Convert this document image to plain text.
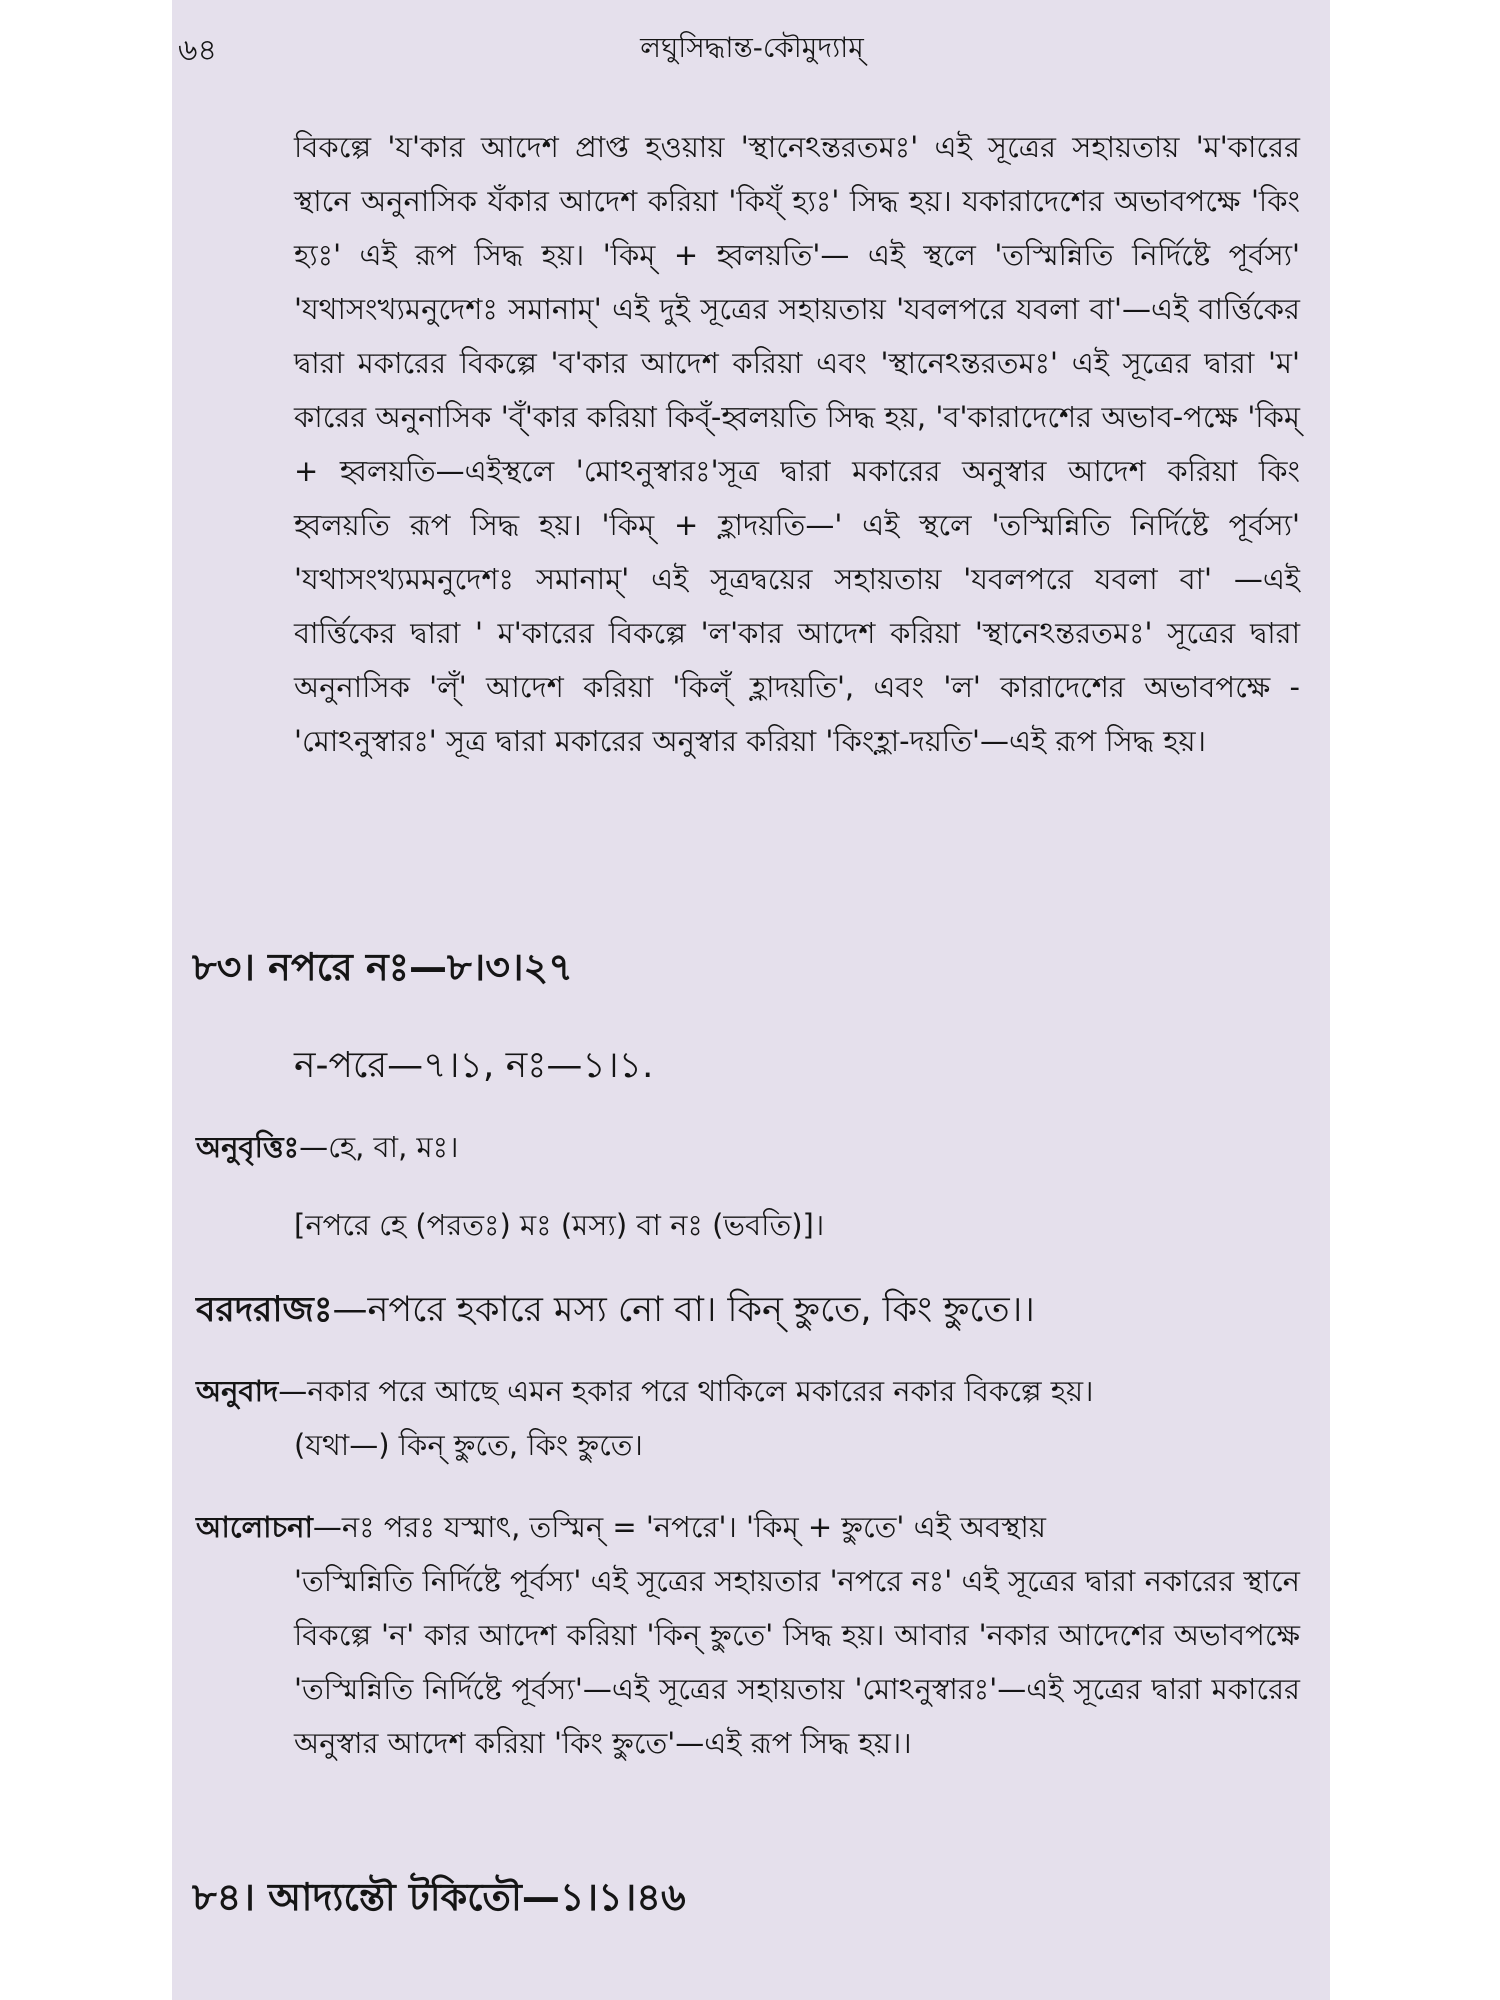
৬৪	লঘুসিদ্ধান্ত-কৌমুদ্যাম্

বিকল্পে 'য'কার আদেশ প্রাপ্ত হওয়ায় 'স্থানেঽন্তরতমঃ' এই সূত্রের সহায়তায় 'ম'কারের স্থানে অনুনাসিক যঁকার আদেশ করিয়া 'কিয্ঁ হ্যঃ' সিদ্ধ হয়। যকারাদেশের অভাবপক্ষে 'কিং হ্যঃ' এই রূপ সিদ্ধ হয়। 'কিম্ + হ্বলয়তি'— এই স্থলে 'তস্মিন্নিতি নির্দিষ্টে পূর্বস্য' 'যথাসংখ্যমনুদেশঃ সমানাম্' এই দুই সূত্রের সহায়তায় 'যবলপরে যবলা বা'—এই বার্ত্তিকের দ্বারা মকারের বিকল্পে 'ব'কার আদেশ করিয়া এবং 'স্থানেঽন্তরতমঃ' এই সূত্রের দ্বারা 'ম' কারের অনুনাসিক 'ব্ঁ'কার করিয়া কিব্ঁ-হ্বলয়তি সিদ্ধ হয়, 'ব'কারাদেশের অভাব-পক্ষে 'কিম্ + হ্বলয়তি—এইস্থলে 'মোঽনুস্বারঃ'সূত্র দ্বারা মকারের অনুস্বার আদেশ করিয়া কিং হ্বলয়তি রূপ সিদ্ধ হয়। 'কিম্ + হ্লাদয়তি—' এই স্থলে 'তস্মিন্নিতি নির্দিষ্টে পূর্বস্য' 'যথাসংখ্যমমনুদেশঃ সমানাম্' এই সূত্রদ্বয়ের সহায়তায় 'যবলপরে যবলা বা' —এই বার্ত্তিকের দ্বারা ' ম'কারের বিকল্পে 'ল'কার আদেশ করিয়া 'স্থানেঽন্তরতমঃ' সূত্রের দ্বারা অনুনাসিক 'ল্ঁ' আদেশ করিয়া 'কিল্ঁ হ্লাদয়তি', এবং 'ল' কারাদেশের অভাবপক্ষে -'মোঽনুস্বারঃ' সূত্র দ্বারা মকারের অনুস্বার করিয়া 'কিংহ্লা-দয়তি'—এই রূপ সিদ্ধ হয়।

৮৩। নপরে নঃ—৮।৩।২৭

ন-পরে—৭।১, নঃ—১।১.

অনুবৃত্তিঃ—হে, বা, মঃ।

[নপরে হে (পরতঃ) মঃ (মস্য) বা নঃ (ভবতি)]।

বরদরাজঃ—নপরে হকারে মস্য নো বা। কিন্ হ্নুতে, কিং হ্নুতে।।

অনুবাদ—নকার পরে আছে এমন হকার পরে থাকিলে মকারের নকার বিকল্পে হয়।

(যথা—) কিন্ হ্নুতে, কিং হ্নুতে।

আলোচনা—নঃ পরঃ যস্মাৎ, তস্মিন্ = 'নপরে'। 'কিম্ + হ্নুতে' এই অবস্থায়

'তস্মিন্নিতি নির্দিষ্টে পূর্বস্য' এই সূত্রের সহায়তার 'নপরে নঃ' এই সূত্রের দ্বারা নকারের স্থানে বিকল্পে 'ন' কার আদেশ করিয়া 'কিন্ হ্নুতে' সিদ্ধ হয়। আবার 'নকার আদেশের অভাবপক্ষে 'তস্মিন্নিতি নির্দিষ্টে পূর্বস্য'—এই সূত্রের সহায়তায় 'মোঽনুস্বারঃ'—এই সূত্রের দ্বারা মকারের অনুস্বার আদেশ করিয়া 'কিং হ্নুতে'—এই রূপ সিদ্ধ হয়।।

৮৪। আদ্যন্তৌ টকিতৌ—১।১।৪৬
